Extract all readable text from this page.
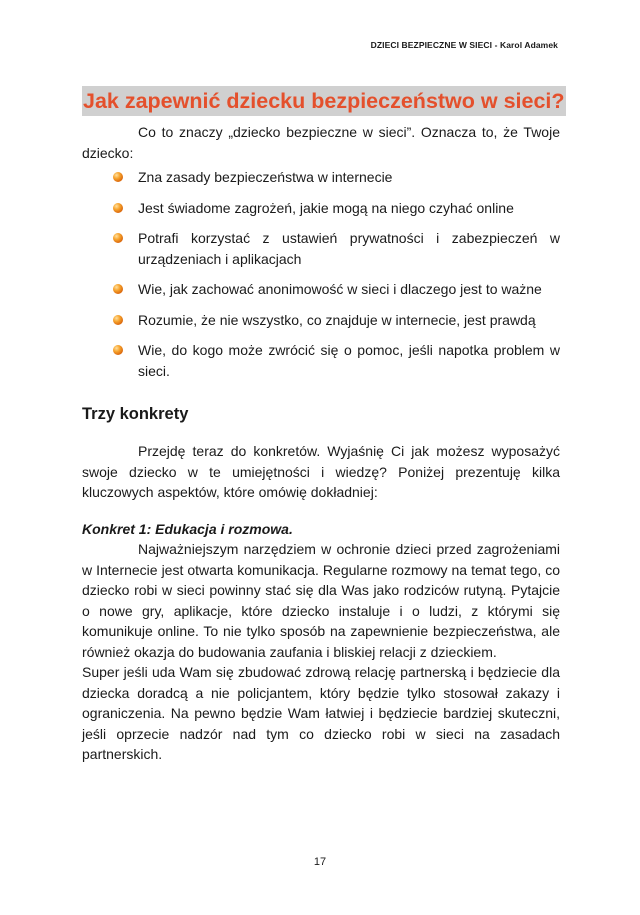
DZIECI BEZPIECZNE W SIECI - Karol Adamek
Jak zapewnić dziecku bezpieczeństwo w sieci?

Co to znaczy „dziecko bezpieczne w sieci”. Oznacza to, że Twoje dziecko:

Zna zasady bezpieczeństwa w internecie
Jest świadome zagrożeń, jakie mogą na niego czyhać online
Potrafi korzystać z ustawień prywatności i zabezpieczeń w urządzeniach i aplikacjach
Wie, jak zachować anonimowość w sieci i dlaczego jest to ważne
Rozumie, że nie wszystko, co znajduje w internecie, jest prawdą
Wie, do kogo może zwrócić się o pomoc, jeśli napotka problem w sieci.
Trzy konkrety

Przejdę teraz do konkretów. Wyjaśnię Ci jak możesz wyposażyć swoje dziecko w te umiejętności i wiedzę? Poniżej prezentuję kilka kluczowych aspektów, które omówię dokładniej:

Konkret 1: Edukacja i rozmowa.

Najważniejszym narzędziem w ochronie dzieci przed zagrożeniami w Internecie jest otwarta komunikacja. Regularne rozmowy na temat tego, co dziecko robi w sieci powinny stać się dla Was jako rodziców rutyną. Pytajcie o nowe gry, aplikacje, które dziecko instaluje i o ludzi, z którymi się komunikuje online. To nie tylko sposób na zapewnienie bezpieczeństwa, ale również okazja do budowania zaufania i bliskiej relacji z dzieckiem.

Super jeśli uda Wam się zbudować zdrową relację partnerską i będziecie dla dziecka doradcą a nie policjantem, który będzie tylko stosował zakazy i ograniczenia. Na pewno będzie Wam łatwiej i będziecie bardziej skuteczni, jeśli oprzecie nadzór nad tym co dziecko robi w sieci na zasadach partnerskich.

17
